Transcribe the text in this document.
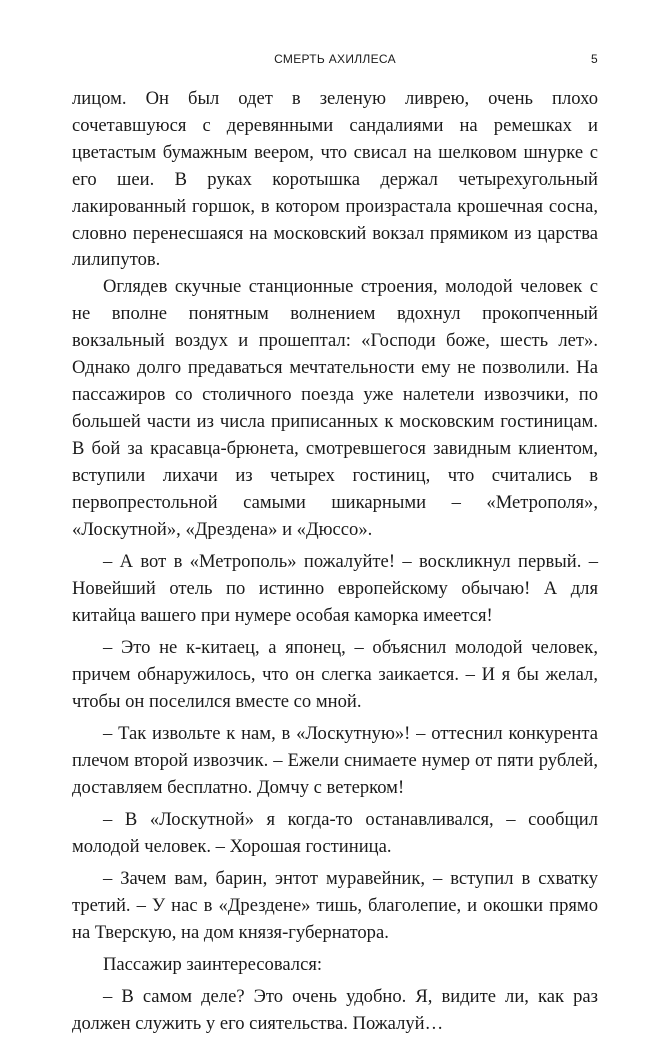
СМЕРТЬ АХИЛЛЕСА	5

лицом. Он был одет в зеленую ливрею, очень плохо сочетавшуюся с деревянными сандалиями на ремешках и цветастым бумажным веером, что свисал на шелковом шнурке с его шеи. В руках коротышка держал четырехугольный лакированный горшок, в котором произрастала крошечная сосна, словно перенесшаяся на московский вокзал прямиком из царства лилипутов.

Оглядев скучные станционные строения, молодой человек с не вполне понятным волнением вдохнул прокопченный вокзальный воздух и прошептал: «Господи боже, шесть лет». Однако долго предаваться мечтательности ему не позволили. На пассажиров со столичного поезда уже налетели извозчики, по большей части из числа приписанных к московским гостиницам. В бой за красавца-брюнета, смотревшегося завидным клиентом, вступили лихачи из четырех гостиниц, что считались в первопрестольной самыми шикарными – «Метрополя», «Лоскутной», «Дрездена» и «Дюссо».

– А вот в «Метрополь» пожалуйте! – воскликнул первый. – Новейший отель по истинно европейскому обычаю! А для китайца вашего при нумере особая каморка имеется!

– Это не к-китаец, а японец, – объяснил молодой человек, причем обнаружилось, что он слегка заикается. – И я бы желал, чтобы он поселился вместе со мной.

– Так извольте к нам, в «Лоскутную»! – оттеснил конкурента плечом второй извозчик. – Ежели снимаете нумер от пяти рублей, доставляем бесплатно. Домчу с ветерком!

– В «Лоскутной» я когда-то останавливался, – сообщил молодой человек. – Хорошая гостиница.

– Зачем вам, барин, энтот муравейник, – вступил в схватку третий. – У нас в «Дрездене» тишь, благолепие, и окошки прямо на Тверскую, на дом князя-губернатора.

Пассажир заинтересовался:

– В самом деле? Это очень удобно. Я, видите ли, как раз должен служить у его сиятельства. Пожалуй…
